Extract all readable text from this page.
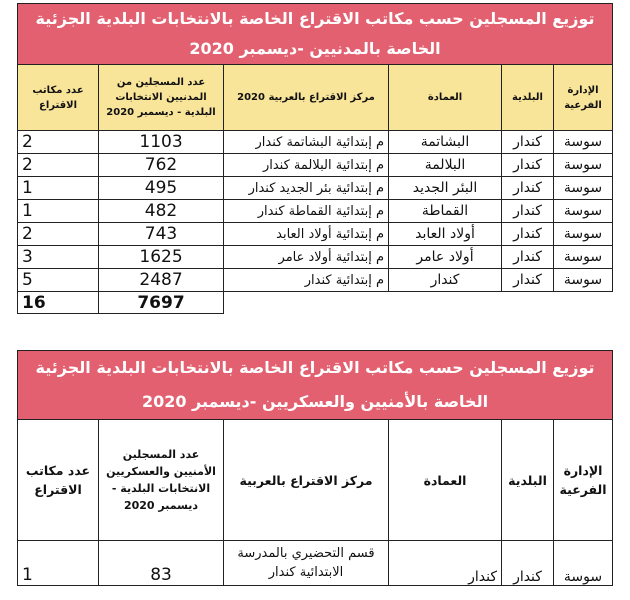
توزيع المسجلين حسب مكاتب الاقتراع الخاصة بالانتخابات البلدية الجزئية
الخاصة بالمدنيين -ديسمبر 2020					

الإدارة الفرعية	البلدية	العمادة	مركز الاقتراع بالعربية 2020	عدد المسجلين من المدنيين الانتخابات البلدية - ديسمبر 2020	عدد مكاتب الاقتراع
سوسة	كندار	البشاتمة	م إبتدائية البشاتمة كندار	1103	2
سوسة	كندار	البلالمة	م إبتدائية البلالمة كندار	762	2
سوسة	كندار	البئر الجديد	م إبتدائية بئر الجديد كندار	495	1
سوسة	كندار	القماطة	م إبتدائية القماطة كندار	482	1
سوسة	كندار	أولاد العابد	م إبتدائية أولاد العابد	743	2
سوسة	كندار	أولاد عامر	م إبتدائية أولاد عامر	1625	3
سوسة	كندار	كندار	م إبتدائية كندار	2487	5
				7697	16
توزيع المسجلين حسب مكاتب الاقتراع الخاصة بالانتخابات البلدية الجزئية
الخاصة بالأمنيين والعسكريين -ديسمبر 2020					

الإدارة الفرعية	البلدية	العمادة	مركز الاقتراع بالعربية	عدد المسجلين الأمنيين والعسكريين الانتخابات البلدية - ديسمبر 2020	عدد مكاتب الاقتراع
سوسة	كندار	كندار	قسم التحضيري بالمدرسة الابتدائية كندار	83	1
